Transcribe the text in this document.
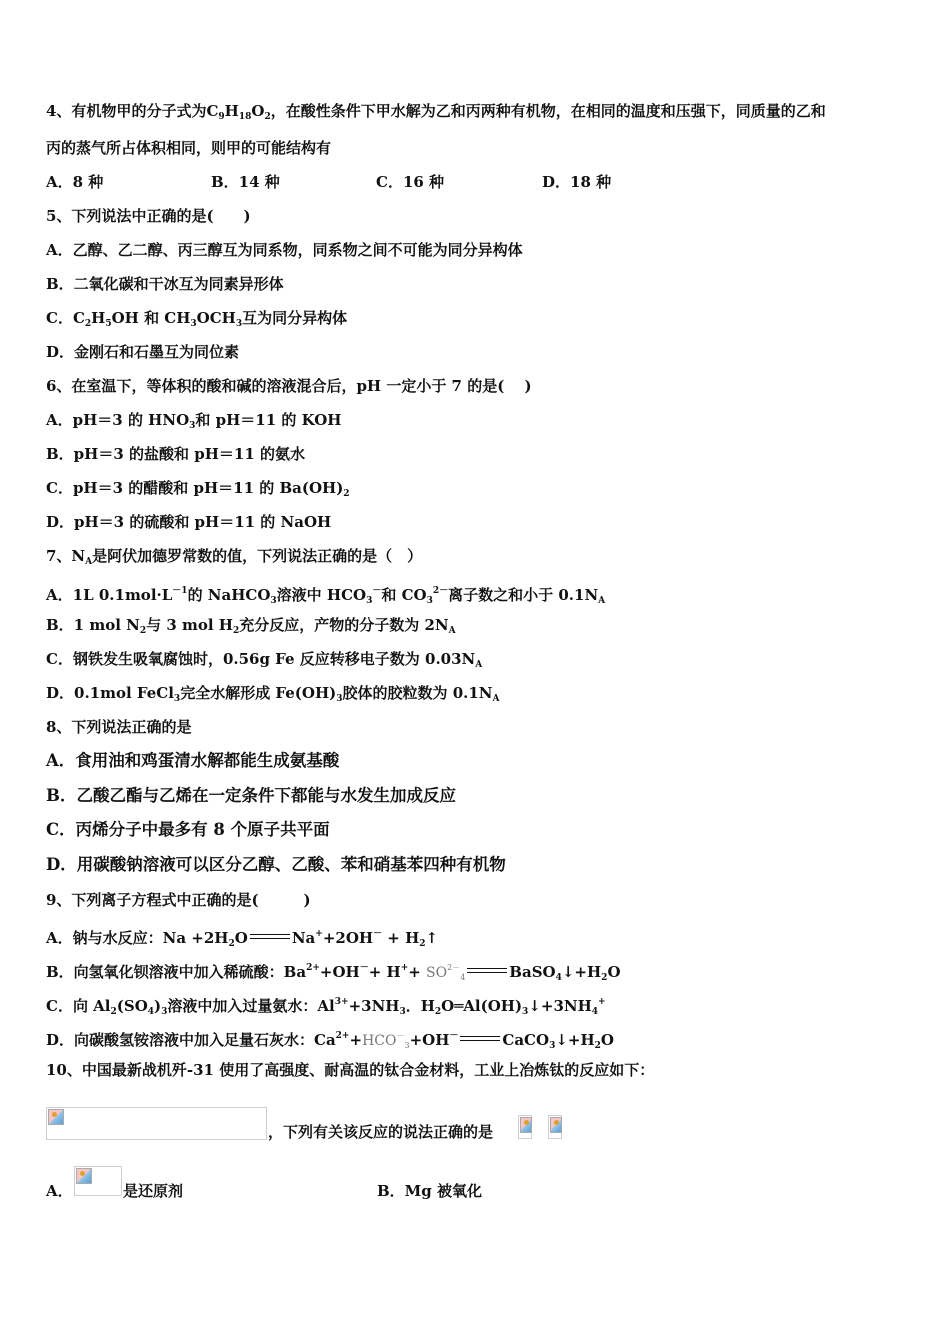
4、有机物甲的分子式为$C_9H_{18}O_2$，在酸性条件下甲水解为乙和丙两种有机物，在相同的温度和压强下，同质量的乙和
丙的蒸气所占体积相同，则甲的可能结构有
A．8 种	B．14 种	C．16 种	D．18 种
5、下列说法中正确的是(　　)
A．乙醇、乙二醇、丙三醇互为同系物，同系物之间不可能为同分异构体
B．二氧化碳和干冰互为同素异形体
C．$C_2H_5OH$ 和 $CH_3OCH_3$互为同分异构体
D．金刚石和石墨互为同位素
6、在室温下，等体积的酸和碱的溶液混合后，pH 一定小于 7 的是(　 )
A．pH＝3 的 $HNO_3$和 pH＝11 的 KOH
B．pH＝3 的盐酸和 pH＝11 的氨水
C．pH＝3 的醋酸和 pH＝11 的 $Ba(OH)_2$
D．pH＝3 的硫酸和 pH＝11 的 NaOH
7、$N_A$是阿伏加德罗常数的值，下列说法正确的是（　）
A．1L $0.1mol\cdot L^{-1}$的 NaHCO$_3$溶液中 $HCO_3^-$和 $CO_3^{2-}$离子数之和小于 $0.1N_A$
B．1 mol $N_2$与 3 mol $H_2$充分反应，产物的分子数为 $2N_A$
C．钢铁发生吸氧腐蚀时，0.56g Fe 反应转移电子数为 $0.03N_A$
D．0.1mol FeCl$_3$完全水解形成 $Fe(OH)_3$胶体的胶粒数为 $0.1N_A$
8、下列说法正确的是
A．食用油和鸡蛋清水解都能生成氨基酸
B．乙酸乙酯与乙烯在一定条件下都能与水发生加成反应
C．丙烯分子中最多有 8 个原子共平面
D．用碳酸钠溶液可以区分乙醇、乙酸、苯和硝基苯四种有机物
9、下列离子方程式中正确的是(　　　)
A．钠与水反应：$Na +2H_2O$	$Na^++2OH^- + H_2↑$
B．向氢氧化钡溶液中加入稀硫酸：$Ba^{2+}+OH^-+ H^++ SO^{2-}_4$	$BaSO_4↓+H_2O$
C．向 $Al_2(SO_4)_3$溶液中加入过量氨水：$Al^{3+}+3NH_3$．$H_2O═Al(OH)_3↓+3NH_4^+$
D．向碳酸氢铵溶液中加入足量石灰水：$Ca^{2+}+HCO^-_3+OH^-$	$CaCO_3↓+H_2O$
10、中国最新战机歼-31 使用了高强度、耐高温的钛合金材料，工业上冶炼钛的反应如下：
，下列有关该反应的说法正确的是
A．	是还原剂	B．Mg 被氧化
